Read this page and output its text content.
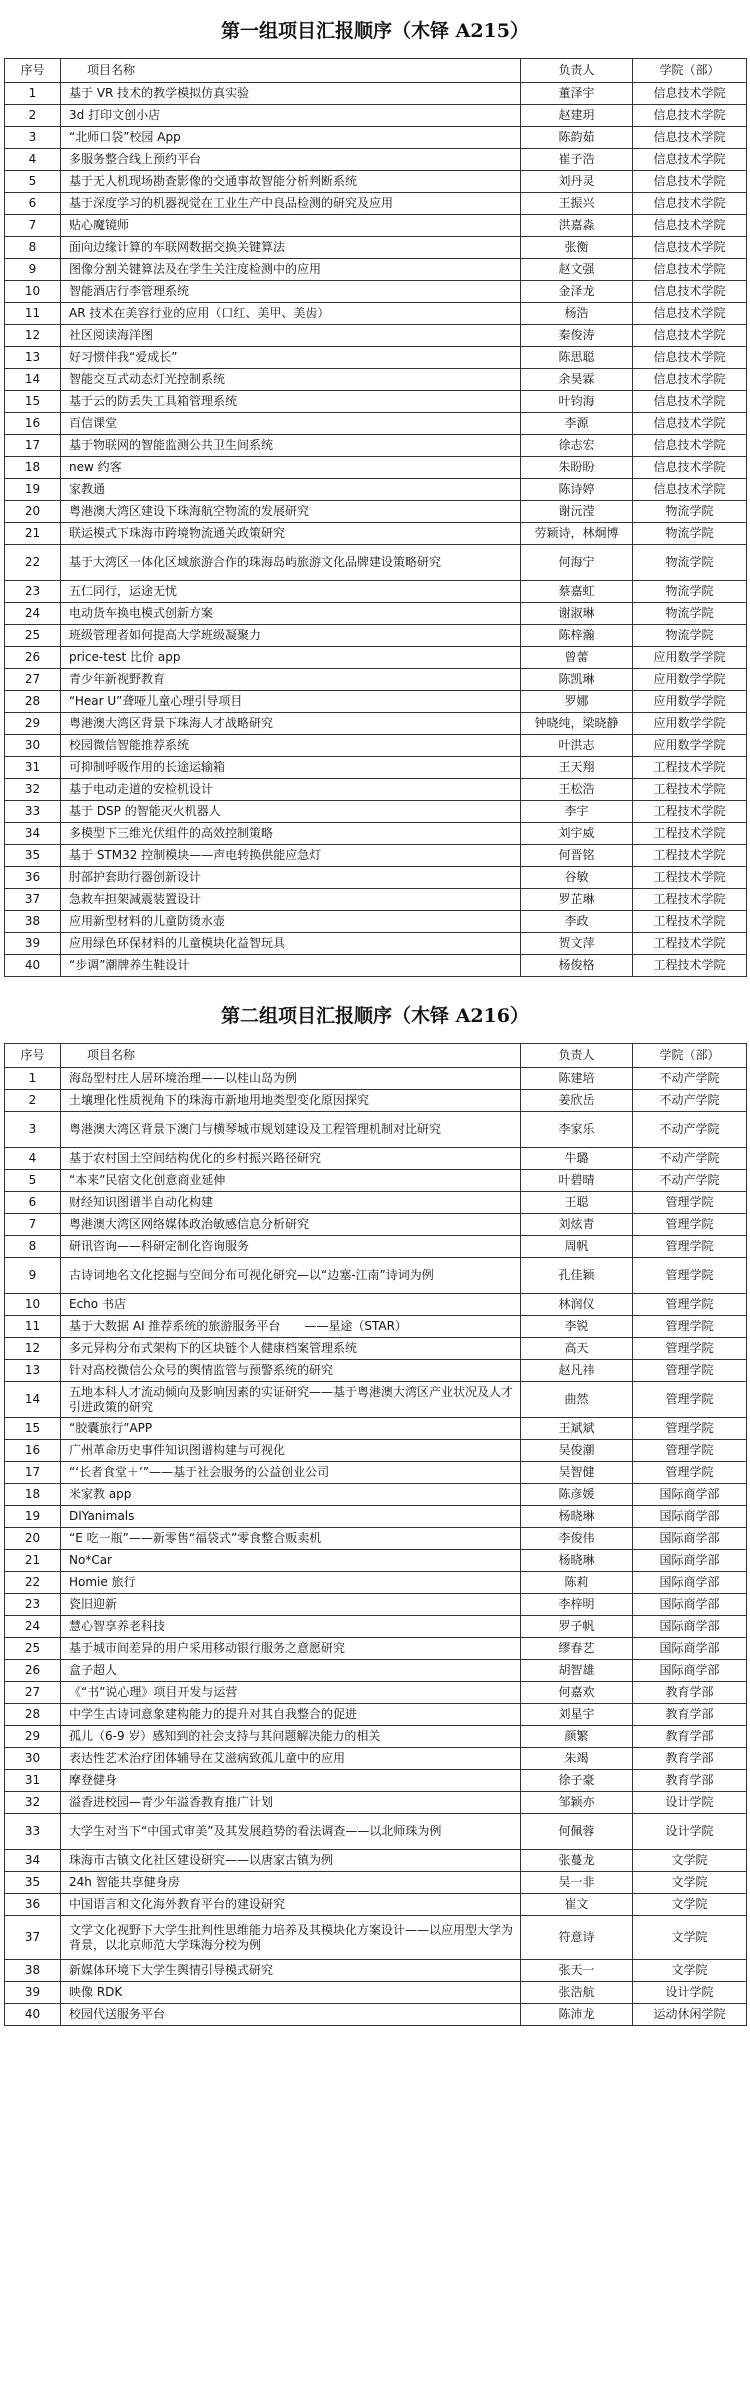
第一组项目汇报顺序（木铎 A215）
序号	项目名称	负责人	学院（部）
1	基于 VR 技术的教学模拟仿真实验	董泽宇	信息技术学院
2	3d 打印文创小店	赵建玥	信息技术学院
3	“北师口袋”校园 App	陈韵茹	信息技术学院
4	多服务整合线上预约平台	崔子浩	信息技术学院
5	基于无人机现场勘查影像的交通事故智能分析判断系统	刘丹灵	信息技术学院
6	基于深度学习的机器视觉在工业生产中良品检测的研究及应用	王振兴	信息技术学院
7	贴心魔镜师	洪嘉淼	信息技术学院
8	面向边缘计算的车联网数据交换关键算法	张衡	信息技术学院
9	图像分割关键算法及在学生关注度检测中的应用	赵文强	信息技术学院
10	智能酒店行李管理系统	金泽龙	信息技术学院
11	AR 技术在美容行业的应用（口红、美甲、美齿）	杨浩	信息技术学院
12	社区阅读海洋图	秦俊涛	信息技术学院
13	好习惯伴我“爱成长”	陈思聪	信息技术学院
14	智能交互式动态灯光控制系统	余昊霖	信息技术学院
15	基于云的防丢失工具箱管理系统	叶钧海	信息技术学院
16	百信课堂	李源	信息技术学院
17	基于物联网的智能监测公共卫生间系统	徐志宏	信息技术学院
18	new 约客	朱盼盼	信息技术学院
19	家教通	陈诗婷	信息技术学院
20	粤港澳大湾区建设下珠海航空物流的发展研究	谢沅滢	物流学院
21	联运模式下珠海市跨境物流通关政策研究	劳颖诗，林炯博	物流学院
22	基于大湾区一体化区域旅游合作的珠海岛屿旅游文化品牌建设策略研究	何海宁	物流学院
23	五仁同行，运途无忧	蔡嘉虹	物流学院
24	电动货车换电模式创新方案	谢淑琳	物流学院
25	班级管理者如何提高大学班级凝聚力	陈梓瀚	物流学院
26	price-test 比价 app	曾蕾	应用数学学院
27	青少年新视野教育	陈凯琳	应用数学学院
28	“Hear U”聋哑儿童心理引导项目	罗娜	应用数学学院
29	粤港澳大湾区背景下珠海人才战略研究	钟晓纯，梁晓静	应用数学学院
30	校园微信智能推荐系统	叶洪志	应用数学学院
31	可抑制呼吸作用的长途运输箱	王天翔	工程技术学院
32	基于电动走道的安检机设计	王松浩	工程技术学院
33	基于 DSP 的智能灭火机器人	李宇	工程技术学院
34	多模型下三维光伏组件的高效控制策略	刘宇威	工程技术学院
35	基于 STM32 控制模块——声电转换供能应急灯	何晋铭	工程技术学院
36	肘部护套助行器创新设计	谷敏	工程技术学院
37	急救车担架减震装置设计	罗芷琳	工程技术学院
38	应用新型材料的儿童防烫水壶	李政	工程技术学院
39	应用绿色环保材料的儿童模块化益智玩具	贺文萍	工程技术学院
40	“步调”潮牌养生鞋设计	杨俊格	工程技术学院
第二组项目汇报顺序（木铎 A216）
序号	项目名称	负责人	学院（部）
1	海岛型村庄人居环境治理——以桂山岛为例	陈建培	不动产学院
2	土壤理化性质视角下的珠海市新地用地类型变化原因探究	姜欣岳	不动产学院
3	粤港澳大湾区背景下澳门与横琴城市规划建设及工程管理机制对比研究	李家乐	不动产学院
4	基于农村国土空间结构优化的乡村振兴路径研究	牛璐	不动产学院
5	“本来”民宿文化创意商业延伸	叶碧晴	不动产学院
6	财经知识图谱半自动化构建	王聪	管理学院
7	粤港澳大湾区网络媒体政治敏感信息分析研究	刘炫青	管理学院
8	研讯咨询——科研定制化咨询服务	周帆	管理学院
9	古诗词地名文化挖掘与空间分布可视化研究—以“边塞-江南”诗词为例	孔佳颖	管理学院
10	Echo 书店	林润仪	管理学院
11	基于大数据 AI 推荐系统的旅游服务平台　　——星途（STAR）	李锐	管理学院
12	多元异构分布式架构下的区块链个人健康档案管理系统	高天	管理学院
13	针对高校微信公众号的舆情监管与预警系统的研究	赵凡祎	管理学院
14	五地本科人才流动倾向及影响因素的实证研究——基于粤港澳大湾区产业状况及人才引进政策的研究	曲然	管理学院
15	“胶囊旅行”APP	王斌斌	管理学院
16	广州革命历史事件知识图谱构建与可视化	吴俊潮	管理学院
17	“‘长者食堂＋’”——基于社会服务的公益创业公司	吴智健	管理学院
18	米家教 app	陈彦媛	国际商学部
19	DIYanimals	杨晓琳	国际商学部
20	“E 吃一瓶”——新零售“福袋式”零食整合贩卖机	李俊伟	国际商学部
21	No*Car	杨晓琳	国际商学部
22	Homie 旅行	陈莉	国际商学部
23	瓷旧迎新	李梓明	国际商学部
24	慧心智享养老科技	罗子帆	国际商学部
25	基于城市间差异的用户采用移动银行服务之意愿研究	缪春艺	国际商学部
26	盒子超人	胡智雄	国际商学部
27	《“书”说心理》项目开发与运营	何嘉欢	教育学部
28	中学生古诗词意象建构能力的提升对其自我整合的促进	刘星宇	教育学部
29	孤儿（6-9 岁）感知到的社会支持与其问题解决能力的相关	颜繁	教育学部
30	表达性艺术治疗团体辅导在艾滋病致孤儿童中的应用	朱竭	教育学部
31	摩登健身	徐子豪	教育学部
32	溢香进校园—青少年溢香教育推广计划	邹颖亦	设计学院
33	大学生对当下“中国式审美”及其发展趋势的看法调查——以北师珠为例	何佩蓉	设计学院
34	珠海市古镇文化社区建设研究——以唐家古镇为例	张蔓龙	文学院
35	24h 智能共享健身房	吴一非	文学院
36	中国语言和文化海外教育平台的建设研究	崔文	文学院
37	文学文化视野下大学生批判性思维能力培养及其模块化方案设计——以应用型大学为背景，以北京师范大学珠海分校为例	符意诗	文学院
38	新媒体环境下大学生舆情引导模式研究	张天一	文学院
39	映像 RDK	张浩航	设计学院
40	校园代送服务平台	陈沛龙	运动休闲学院
